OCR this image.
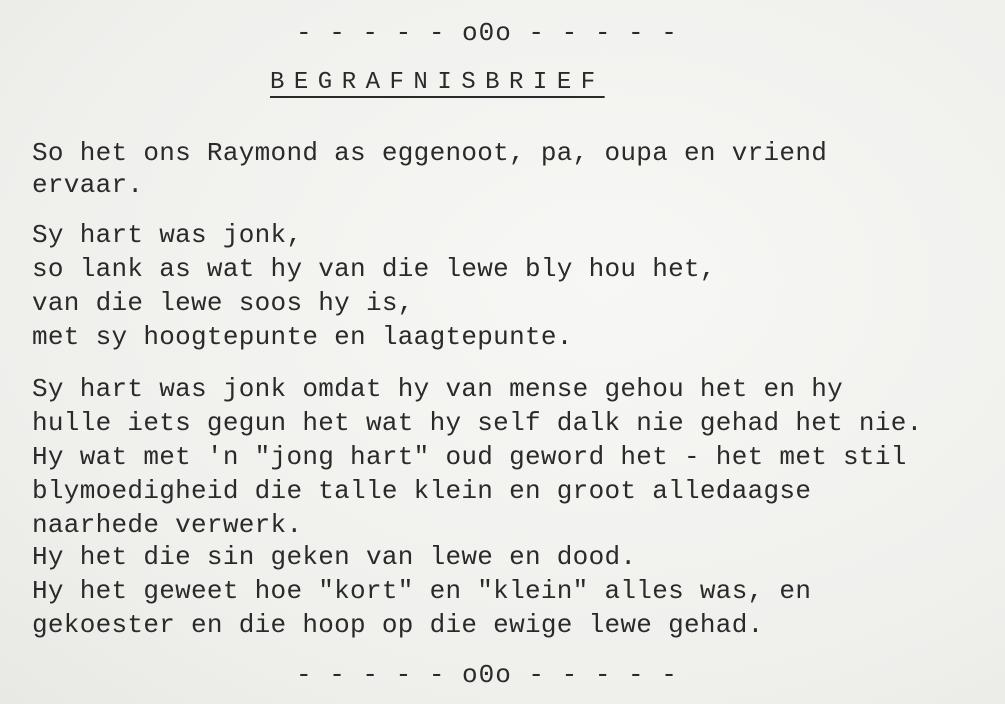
- - - - - o0o - - - - -
BEGRAFNISBRIEF
So het ons Raymond as eggenoot, pa, oupa en vriend
ervaar.
Sy hart was jonk,
so lank as wat hy van die lewe bly hou het,
van die lewe soos hy is,
met sy hoogtepunte en laagtepunte.
Sy hart was jonk omdat hy van mense gehou het en hy
hulle iets gegun het wat hy self dalk nie gehad het nie.
Hy wat met 'n "jong hart" oud geword het - het met stil
blymoedigheid die talle klein en groot alledaagse
naarhede verwerk.
Hy het die sin geken van lewe en dood.
Hy het geweet hoe "kort" en "klein" alles was, en
gekoester en die hoop op die ewige lewe gehad.
- - - - - o0o - - - - -
